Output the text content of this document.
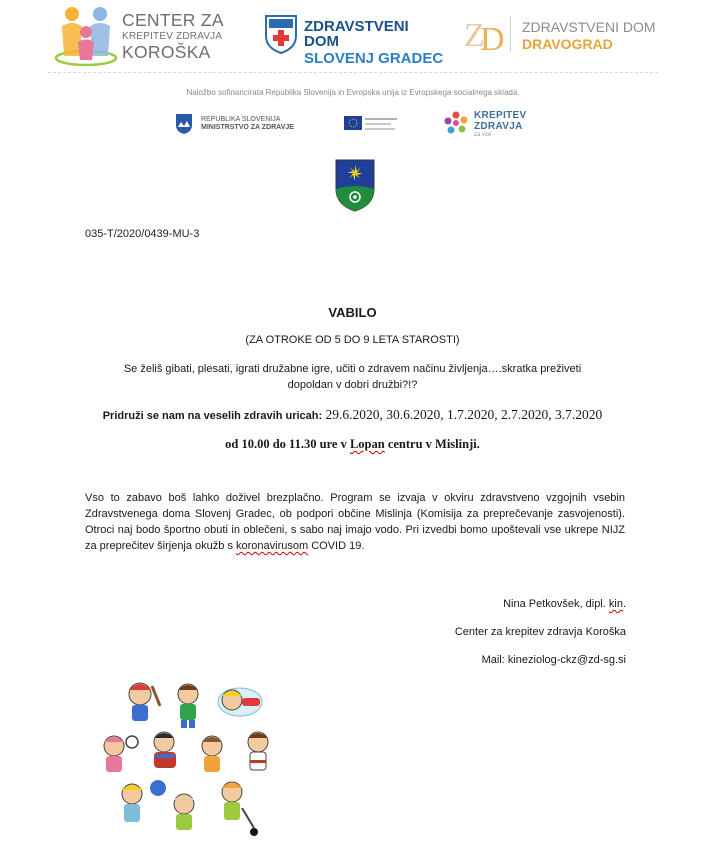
CENTER ZA
KREPITEV ZDRAVJA
KOROŠKA
ZDRAVSTVENI DOM
SLOVENJ GRADEC
Z
D ZDRAVSTVENI DOM
DRAVOGRAD
Naložbo sofinancirata Republika Slovenija in Evropska unija iz Evropskega socialnega sklada.
REPUBLIKA SLOVENIJA
MINISTRSTVO ZA ZDRAVJE
KREPITEV
ZDRAVJA
za vse
035-T/2020/0439-MU-3
VABILO
(ZA OTROKE OD 5 DO 9 LETA STAROSTI)
Se želiš gibati, plesati, igrati družabne igre, učiti o zdravem načinu življenja….skratka preživeti
dopoldan v dobri družbi?!?
Pridruži se nam na veselih zdravih uricah: 29.6.2020, 30.6.2020, 1.7.2020, 2.7.2020, 3.7.2020
od 10.00 do 11.30 ure v Lopan centru v Mislinji.
Vso to zabavo boš lahko doživel brezplačno. Program se izvaja v okviru zdravstveno vzgojnih vsebin Zdravstvenega doma Slovenj Gradec, ob podpori občine Mislinja (Komisija za preprečevanje zasvojenosti). Otroci naj bodo športno obuti in oblečeni, s sabo naj imajo vodo. Pri izvedbi bomo upoštevali vse ukrepe NIJZ za preprečitev širjenja okužb s koronavirusom COVID 19.
Nina Petkovšek, dipl. kin.
Center za krepitev zdravja Koroška
Mail: kineziolog-ckz@zd-sg.si
